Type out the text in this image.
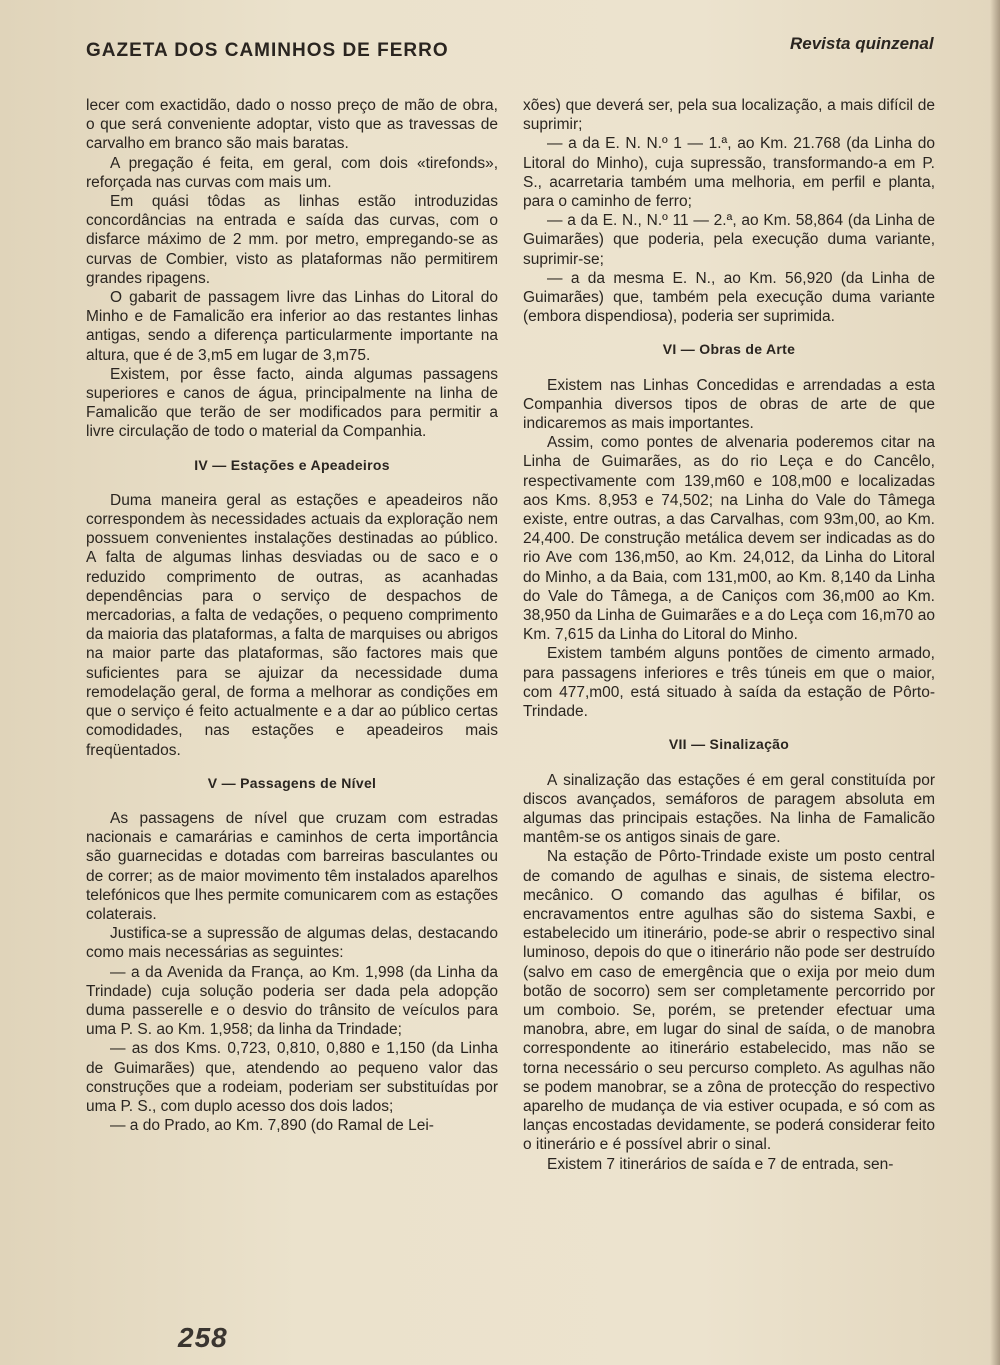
GAZETA DOS CAMINHOS DE FERRO	Revista quinzenal

lecer com exactidão, dado o nosso preço de mão de obra, o que será conveniente adoptar, visto que as travessas de carvalho em branco são mais baratas.

A pregação é feita, em geral, com dois «tirefonds», reforçada nas curvas com mais um.

Em quási tôdas as linhas estão introduzidas concordâncias na entrada e saída das curvas, com o disfarce máximo de 2 mm. por metro, empregando-se as curvas de Combier, visto as plataformas não permitirem grandes ripagens.

O gabarit de passagem livre das Linhas do Litoral do Minho e de Famalicão era inferior ao das restantes linhas antigas, sendo a diferença particularmente importante na altura, que é de 3,m5 em lugar de 3,m75.

Existem, por êsse facto, ainda algumas passagens superiores e canos de água, principalmente na linha de Famalicão que terão de ser modificados para permitir a livre circulação de todo o material da Companhia.

IV — Estações e Apeadeiros

Duma maneira geral as estações e apeadeiros não correspondem às necessidades actuais da exploração nem possuem convenientes instalações destinadas ao público. A falta de algumas linhas desviadas ou de saco e o reduzido comprimento de outras, as acanhadas dependências para o serviço de despachos de mercadorias, a falta de vedações, o pequeno comprimento da maioria das plataformas, a falta de marquises ou abrigos na maior parte das plataformas, são factores mais que suficientes para se ajuizar da necessidade duma remodelação geral, de forma a melhorar as condições em que o serviço é feito actualmente e a dar ao público certas comodidades, nas estações e apeadeiros mais freqüentados.

V — Passagens de Nível

As passagens de nível que cruzam com estradas nacionais e camarárias e caminhos de certa importância são guarnecidas e dotadas com barreiras basculantes ou de correr; as de maior movimento têm instalados aparelhos telefónicos que lhes permite comunicarem com as estações colaterais.

Justifica-se a supressão de algumas delas, destacando como mais necessárias as seguintes:

— a da Avenida da França, ao Km. 1,998 (da Linha da Trindade) cuja solução poderia ser dada pela adopção duma passerelle e o desvio do trânsito de veículos para uma P. S. ao Km. 1,958; da linha da Trindade;

— as dos Kms. 0,723, 0,810, 0,880 e 1,150 (da Linha de Guimarães) que, atendendo ao pequeno valor das construções que a rodeiam, poderiam ser substituídas por uma P. S., com duplo acesso dos dois lados;

— a do Prado, ao Km. 7,890 (do Ramal de Lei-

xões) que deverá ser, pela sua localização, a mais difícil de suprimir;

— a da E. N. N.º 1 — 1.ª, ao Km. 21.768 (da Linha do Litoral do Minho), cuja supressão, transformando-a em P. S., acarretaria também uma melhoria, em perfil e planta, para o caminho de ferro;

— a da E. N., N.º 11 — 2.ª, ao Km. 58,864 (da Linha de Guimarães) que poderia, pela execução duma variante, suprimir-se;

— a da mesma E. N., ao Km. 56,920 (da Linha de Guimarães) que, também pela execução duma variante (embora dispendiosa), poderia ser suprimida.

VI — Obras de Arte

Existem nas Linhas Concedidas e arrendadas a esta Companhia diversos tipos de obras de arte de que indicaremos as mais importantes.

Assim, como pontes de alvenaria poderemos citar na Linha de Guimarães, as do rio Leça e do Cancêlo, respectivamente com 139,m60 e 108,m00 e localizadas aos Kms. 8,953 e 74,502; na Linha do Vale do Tâmega existe, entre outras, a das Carvalhas, com 93m,00, ao Km. 24,400. De construção metálica devem ser indicadas as do rio Ave com 136,m50, ao Km. 24,012, da Linha do Litoral do Minho, a da Baia, com 131,m00, ao Km. 8,140 da Linha do Vale do Tâmega, a de Caniços com 36,m00 ao Km. 38,950 da Linha de Guimarães e a do Leça com 16,m70 ao Km. 7,615 da Linha do Litoral do Minho.

Existem também alguns pontões de cimento armado, para passagens inferiores e três túneis em que o maior, com 477,m00, está situado à saída da estação de Pôrto-Trindade.

VII — Sinalização

A sinalização das estações é em geral constituída por discos avançados, semáforos de paragem absoluta em algumas das principais estações. Na linha de Famalicão mantêm-se os antigos sinais de gare.

Na estação de Pôrto-Trindade existe um posto central de comando de agulhas e sinais, de sistema electro-mecânico. O comando das agulhas é bifilar, os encravamentos entre agulhas são do sistema Saxbi, e estabelecido um itinerário, pode-se abrir o respectivo sinal luminoso, depois do que o itinerário não pode ser destruído (salvo em caso de emergência que o exija por meio dum botão de socorro) sem ser completamente percorrido por um comboio. Se, porém, se pretender efectuar uma manobra, abre, em lugar do sinal de saída, o de manobra correspondente ao itinerário estabelecido, mas não se torna necessário o seu percurso completo. As agulhas não se podem manobrar, se a zôna de protecção do respectivo aparelho de mudança de via estiver ocupada, e só com as lanças encostadas devidamente, se poderá considerar feito o itinerário e é possível abrir o sinal.

Existem 7 itinerários de saída e 7 de entrada, sen-

258
